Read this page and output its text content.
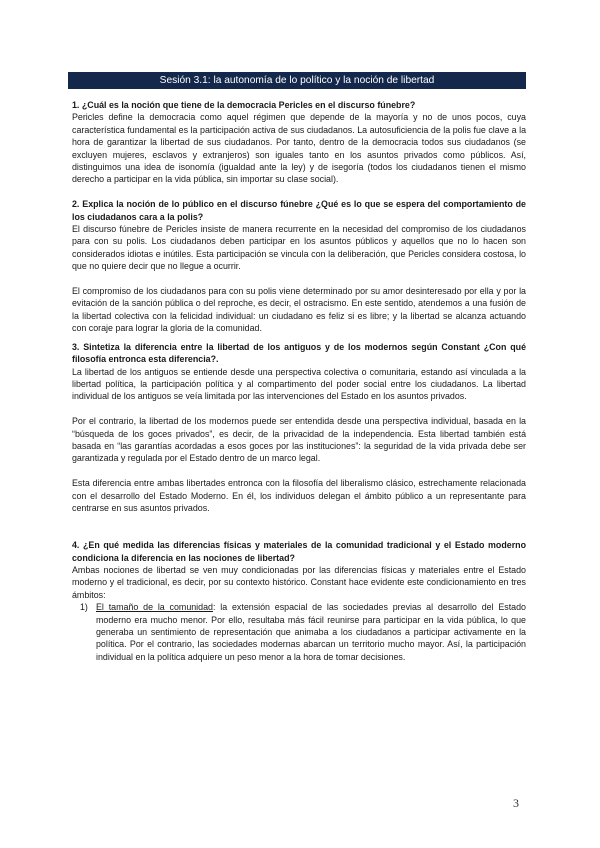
Sesión 3.1: la autonomía de lo político y la noción de libertad

1. ¿Cuál es la noción que tiene de la democracia Pericles en el discurso fúnebre?

Pericles define la democracia como aquel régimen que depende de la mayoría y no de unos pocos, cuya característica fundamental es la participación activa de sus ciudadanos. La autosuficiencia de la polis fue clave a la hora de garantizar la libertad de sus ciudadanos. Por tanto, dentro de la democracia todos sus ciudadanos (se excluyen mujeres, esclavos y extranjeros) son iguales tanto en los asuntos privados como públicos. Así, distinguimos una idea de isonomía (igualdad ante la ley) y de isegoría (todos los ciudadanos tienen el mismo derecho a participar en la vida pública, sin importar su clase social).

2. Explica la noción de lo público en el discurso fúnebre ¿Qué es lo que se espera del comportamiento de los ciudadanos cara a la polis?

El discurso fúnebre de Pericles insiste de manera recurrente en la necesidad del compromiso de los ciudadanos para con su polis. Los ciudadanos deben participar en los asuntos públicos y aquellos que no lo hacen son considerados idiotas e inútiles. Esta participación se vincula con la deliberación, que Pericles considera costosa, lo que no quiere decir que no llegue a ocurrir.

El compromiso de los ciudadanos para con su polis viene determinado por su amor desinteresado por ella y por la evitación de la sanción pública o del reproche, es decir, el ostracismo. En este sentido, atendemos a una fusión de la libertad colectiva con la felicidad individual: un ciudadano es feliz si es libre; y la libertad se alcanza actuando con coraje para lograr la gloria de la comunidad.

3. Sintetiza la diferencia entre la libertad de los antiguos y de los modernos según Constant ¿Con qué filosofía entronca esta diferencia?.

La libertad de los antiguos se entiende desde una perspectiva colectiva o comunitaria, estando así vinculada a la libertad política, la participación política y al compartimento del poder social entre los ciudadanos. La libertad individual de los antiguos se veía limitada por las intervenciones del Estado en los asuntos privados.

Por el contrario, la libertad de los modernos puede ser entendida desde una perspectiva individual, basada en la “búsqueda de los goces privados”, es decir, de la privacidad de la independencia. Esta libertad también está basada en “las garantías acordadas a esos goces por las instituciones”: la seguridad de la vida privada debe ser garantizada y regulada por el Estado dentro de un marco legal.

Esta diferencia entre ambas libertades entronca con la filosofía del liberalismo clásico, estrechamente relacionada con el desarrollo del Estado Moderno. En él, los individuos delegan el ámbito público a un representante para centrarse en sus asuntos privados.

4. ¿En qué medida las diferencias físicas y materiales de la comunidad tradicional y el Estado moderno condiciona la diferencia en las nociones de libertad?

Ambas nociones de libertad se ven muy condicionadas por las diferencias físicas y materiales entre el Estado moderno y el tradicional, es decir, por su contexto histórico. Constant hace evidente este condicionamiento en tres ámbitos:

1) El tamaño de la comunidad: la extensión espacial de las sociedades previas al desarrollo del Estado moderno era mucho menor. Por ello, resultaba más fácil reunirse para participar en la vida pública, lo que generaba un sentimiento de representación que animaba a los ciudadanos a participar activamente en la política. Por el contrario, las sociedades modernas abarcan un territorio mucho mayor. Así, la participación individual en la política adquiere un peso menor a la hora de tomar decisiones.
3
